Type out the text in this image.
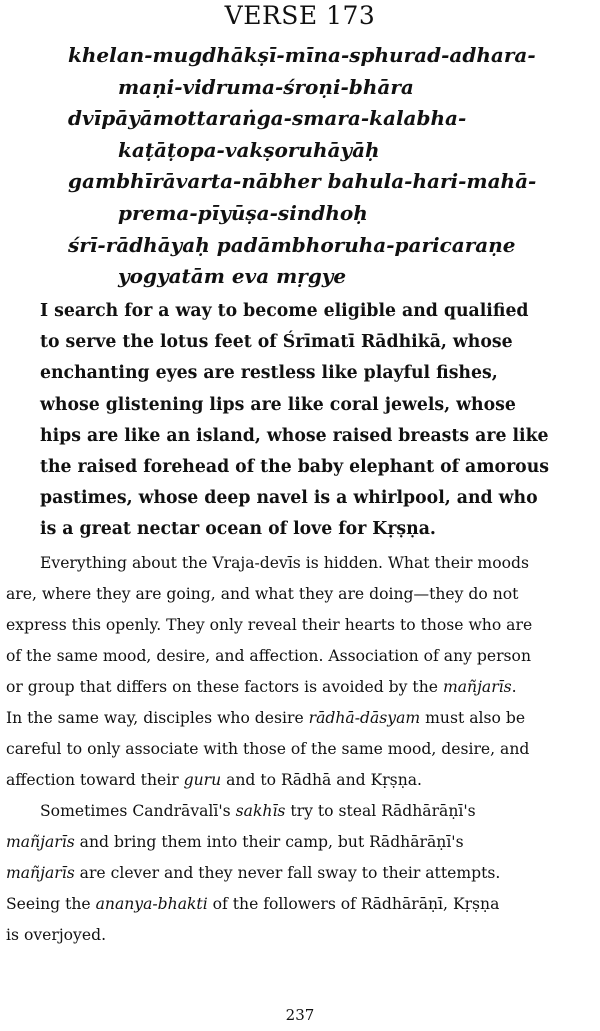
VERSE 173
khelan-mugdhākṣī-mīna-sphurad-adhara-
maṇi-vidruma-śroṇi-bhāra
dvīpāyāmottaraṅga-smara-kalabha-
kaṭāṭopa-vakṣoruhāyāḥ
gambhīrāvarta-nābher bahula-hari-mahā-
prema-pīyūṣa-sindhoḥ
śrī-rādhāyaḥ padāmbhoruha-paricaraṇe
yogyatām eva mṛgye
I search for a way to become eligible and qualified
to serve the lotus feet of Śrīmatī Rādhikā, whose
enchanting eyes are restless like playful fishes,
whose glistening lips are like coral jewels, whose
hips are like an island, whose raised breasts are like
the raised forehead of the baby elephant of amorous
pastimes, whose deep navel is a whirlpool, and who
is a great nectar ocean of love for Kṛṣṇa.
Everything about the Vraja-devīs is hidden. What their moods
are, where they are going, and what they are doing—they do not
express this openly. They only reveal their hearts to those who are
of the same mood, desire, and affection. Association of any person
or group that differs on these factors is avoided by the mañjarīs.
In the same way, disciples who desire rādhā-dāsyam must also be
careful to only associate with those of the same mood, desire, and
affection toward their guru and to Rādhā and Kṛṣṇa.
Sometimes Candrāvalī's sakhīs try to steal Rādhārāṇī's
mañjarīs and bring them into their camp, but Rādhārāṇī's
mañjarīs are clever and they never fall sway to their attempts.
Seeing the ananya-bhakti of the followers of Rādhārāṇī, Kṛṣṇa
is overjoyed.
237
